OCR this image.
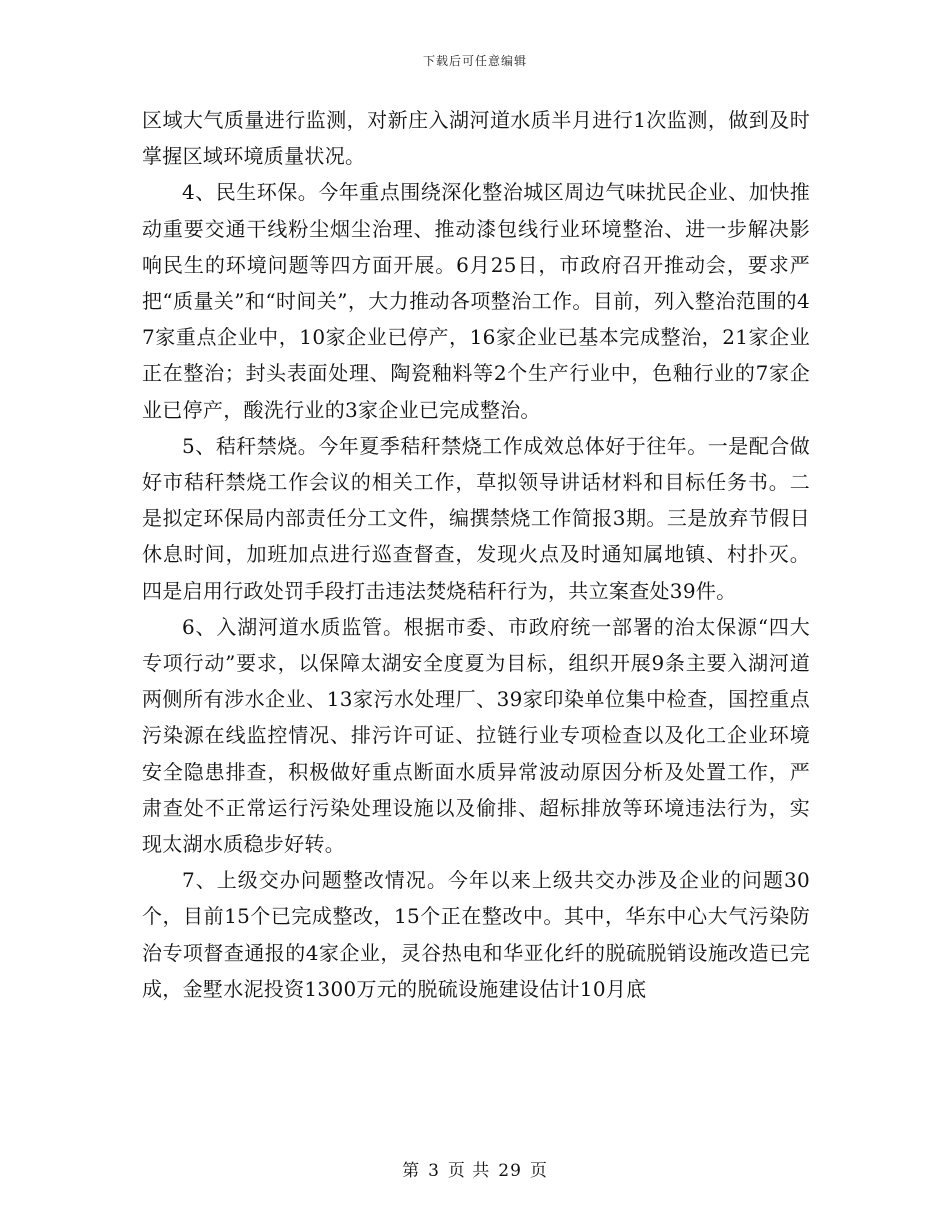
下载后可任意编辑

区域大气质量进行监测，对新庄入湖河道水质半月进行1次监测，做到及时掌握区域环境质量状况。

4、民生环保。今年重点围绕深化整治城区周边气味扰民企业、加快推动重要交通干线粉尘烟尘治理、推动漆包线行业环境整治、进一步解决影响民生的环境问题等四方面开展。6月25日，市政府召开推动会，要求严把“质量关”和“时间关”，大力推动各项整治工作。目前，列入整治范围的47家重点企业中，10家企业已停产，16家企业已基本完成整治，21家企业正在整治；封头表面处理、陶瓷釉料等2个生产行业中，色釉行业的7家企业已停产，酸洗行业的3家企业已完成整治。

5、秸秆禁烧。今年夏季秸秆禁烧工作成效总体好于往年。一是配合做好市秸秆禁烧工作会议的相关工作，草拟领导讲话材料和目标任务书。二是拟定环保局内部责任分工文件，编撰禁烧工作简报3期。三是放弃节假日休息时间，加班加点进行巡查督查，发现火点及时通知属地镇、村扑灭。四是启用行政处罚手段打击违法焚烧秸秆行为，共立案查处39件。

6、入湖河道水质监管。根据市委、市政府统一部署的治太保源“四大专项行动”要求，以保障太湖安全度夏为目标，组织开展9条主要入湖河道两侧所有涉水企业、13家污水处理厂、39家印染单位集中检查，国控重点污染源在线监控情况、排污许可证、拉链行业专项检查以及化工企业环境安全隐患排查，积极做好重点断面水质异常波动原因分析及处置工作，严肃查处不正常运行污染处理设施以及偷排、超标排放等环境违法行为，实现太湖水质稳步好转。

7、上级交办问题整改情况。今年以来上级共交办涉及企业的问题30个，目前15个已完成整改，15个正在整改中。其中，华东中心大气污染防治专项督查通报的4家企业，灵谷热电和华亚化纤的脱硫脱销设施改造已完成，金墅水泥投资1300万元的脱硫设施建设估计10月底

第 3 页 共 29 页
